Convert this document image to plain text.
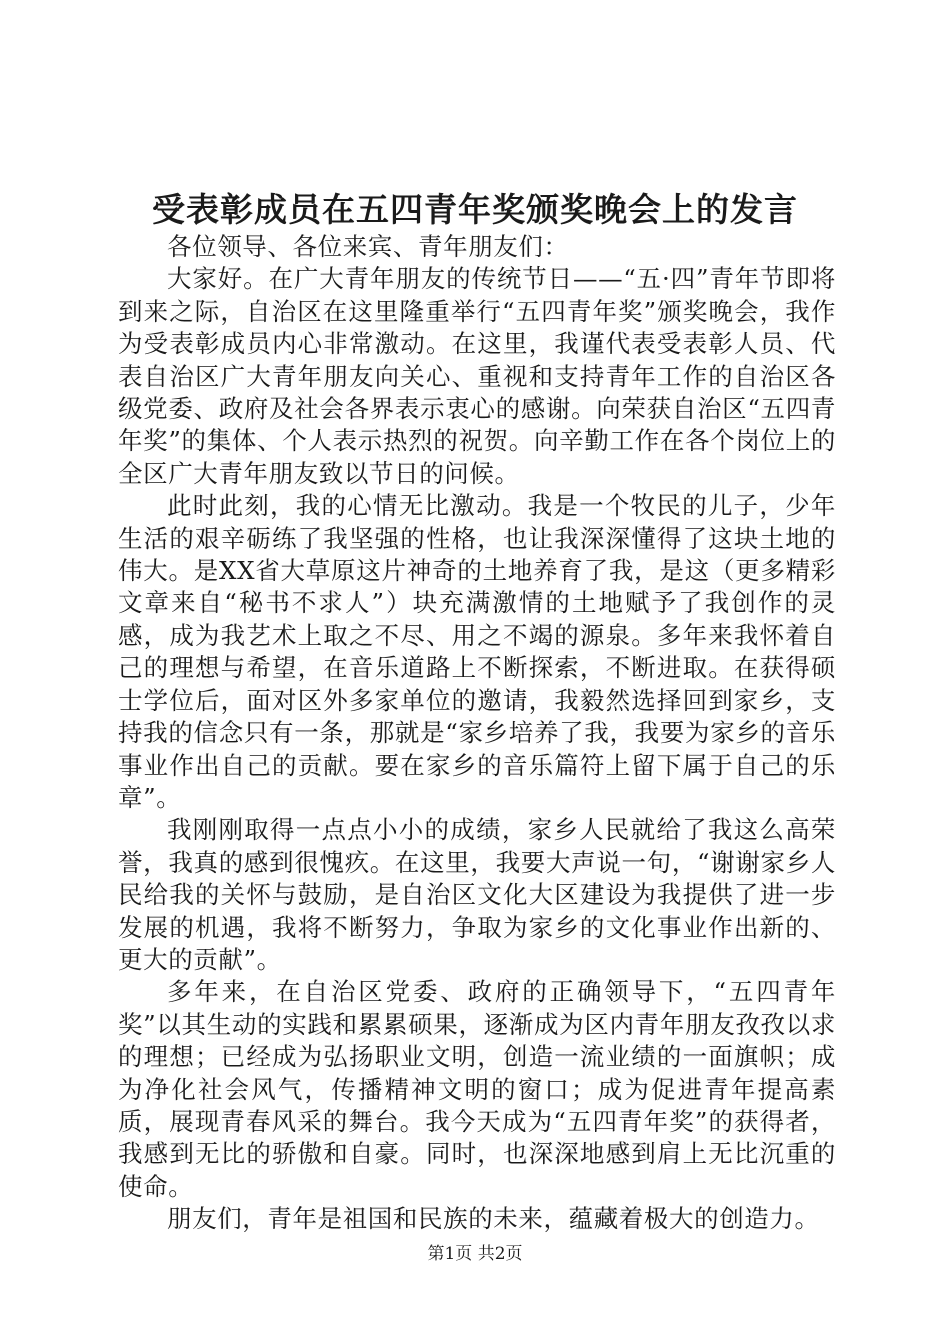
受表彰成员在五四青年奖颁奖晚会上的发言

各位领导、各位来宾、青年朋友们：

大家好。在广大青年朋友的传统节日——“五·四”青年节即将到来之际，自治区在这里隆重举行“五四青年奖”颁奖晚会，我作为受表彰成员内心非常激动。在这里，我谨代表受表彰人员、代表自治区广大青年朋友向关心、重视和支持青年工作的自治区各级党委、政府及社会各界表示衷心的感谢。向荣获自治区“五四青年奖”的集体、个人表示热烈的祝贺。向辛勤工作在各个岗位上的全区广大青年朋友致以节日的问候。

此时此刻，我的心情无比激动。我是一个牧民的儿子，少年生活的艰辛砺练了我坚强的性格，也让我深深懂得了这块土地的伟大。是XX省大草原这片神奇的土地养育了我，是这（更多精彩文章来自“秘书不求人”）块充满激情的土地赋予了我创作的灵感，成为我艺术上取之不尽、用之不竭的源泉。多年来我怀着自己的理想与希望，在音乐道路上不断探索，不断进取。在获得硕士学位后，面对区外多家单位的邀请，我毅然选择回到家乡，支持我的信念只有一条，那就是“家乡培养了我，我要为家乡的音乐事业作出自己的贡献。要在家乡的音乐篇符上留下属于自己的乐章”。

我刚刚取得一点点小小的成绩，家乡人民就给了我这么高荣誉，我真的感到很愧疚。在这里，我要大声说一句，“谢谢家乡人民给我的关怀与鼓励，是自治区文化大区建设为我提供了进一步发展的机遇，我将不断努力，争取为家乡的文化事业作出新的、更大的贡献”。

多年来，在自治区党委、政府的正确领导下，“五四青年奖”以其生动的实践和累累硕果，逐渐成为区内青年朋友孜孜以求的理想；已经成为弘扬职业文明，创造一流业绩的一面旗帜；成为净化社会风气，传播精神文明的窗口；成为促进青年提高素质，展现青春风采的舞台。我今天成为“五四青年奖”的获得者，我感到无比的骄傲和自豪。同时，也深深地感到肩上无比沉重的使命。

朋友们，青年是祖国和民族的未来，蕴藏着极大的创造力。

第1页 共2页
